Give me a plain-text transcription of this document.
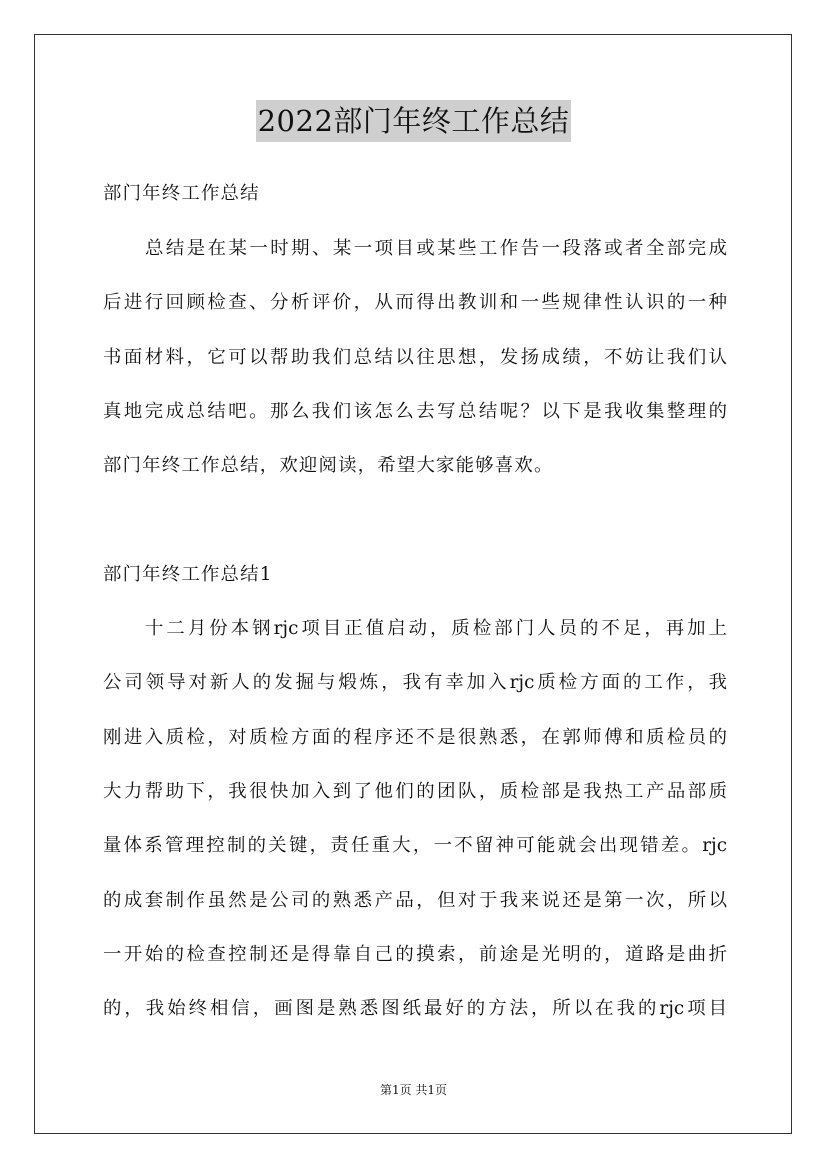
2022部门年终工作总结
部门年终工作总结
总结是在某一时期、某一项目或某些工作告一段落或者全部完成
后进行回顾检查、分析评价，从而得出教训和一些规律性认识的一种
书面材料，它可以帮助我们总结以往思想，发扬成绩，不妨让我们认
真地完成总结吧。那么我们该怎么去写总结呢？以下是我收集整理的
部门年终工作总结，欢迎阅读，希望大家能够喜欢。
部门年终工作总结1
十二月份本钢rjc项目正值启动，质检部门人员的不足，再加上
公司领导对新人的发掘与煅炼，我有幸加入rjc质检方面的工作，我
刚进入质检，对质检方面的程序还不是很熟悉，在郭师傅和质检员的
大力帮助下，我很快加入到了他们的团队，质检部是我热工产品部质
量体系管理控制的关键，责任重大，一不留神可能就会出现错差。rjc
的成套制作虽然是公司的熟悉产品，但对于我来说还是第一次，所以
一开始的检查控制还是得靠自己的摸索，前途是光明的，道路是曲折
的，我始终相信，画图是熟悉图纸最好的方法，所以在我的rjc项目
第1页 共1页
